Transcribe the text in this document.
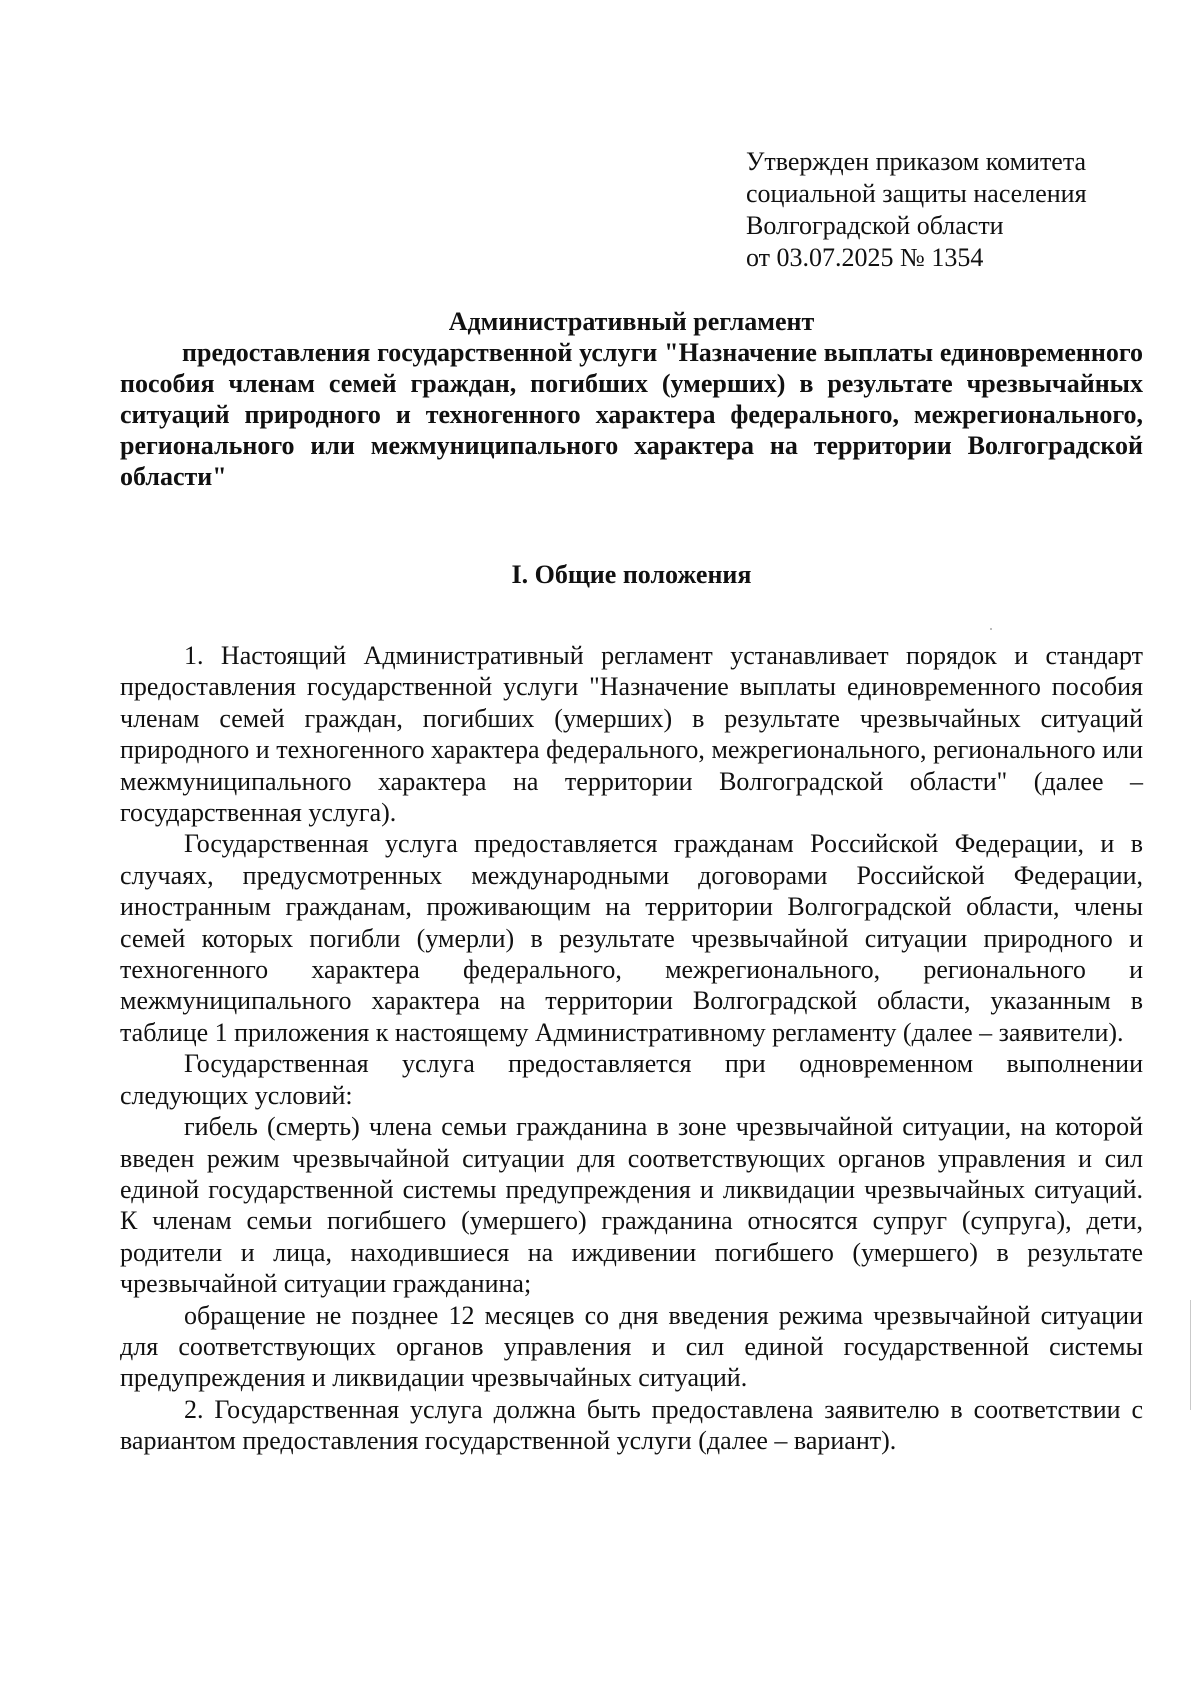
Утвержден приказом комитета
социальной защиты населения
Волгоградской области
от 03.07.2025 № 1354
Административный регламент
предоставления государственной услуги "Назначение выплаты единовременного пособия членам семей граждан, погибших (умерших) в результате чрезвычайных ситуаций природного и техногенного характера федерального, межрегионального, регионального или межмуниципального характера на территории Волгоградской области"
I. Общие положения

1. Настоящий Административный регламент устанавливает порядок и стандарт предоставления государственной услуги "Назначение выплаты единовременного пособия членам семей граждан, погибших (умерших) в результате чрезвычайных ситуаций природного и техногенного характера федерального, межрегионального, регионального или межмуниципального характера на территории Волгоградской области" (далее – государственная услуга).

Государственная услуга предоставляется гражданам Российской Федерации, и в случаях, предусмотренных международными договорами Российской Федерации, иностранным гражданам, проживающим на территории Волгоградской области, члены семей которых погибли (умерли) в результате чрезвычайной ситуации природного и техногенного характера федерального, межрегионального, регионального и межмуниципального характера на территории Волгоградской области, указанным в таблице 1 приложения к настоящему Административному регламенту (далее – заявители).

Государственная услуга предоставляется при одновременном выполнении следующих условий:

гибель (смерть) члена семьи гражданина в зоне чрезвычайной ситуации, на которой введен режим чрезвычайной ситуации для соответствующих органов управления и сил единой государственной системы предупреждения и ликвидации чрезвычайных ситуаций. К членам семьи погибшего (умершего) гражданина относятся супруг (супруга), дети, родители и лица, находившиеся на иждивении погибшего (умершего) в результате чрезвычайной ситуации гражданина;

обращение не позднее 12 месяцев со дня введения режима чрезвычайной ситуации для соответствующих органов управления и сил единой государственной системы предупреждения и ликвидации чрезвычайных ситуаций.

2. Государственная услуга должна быть предоставлена заявителю в соответствии с вариантом предоставления государственной услуги (далее – вариант).
